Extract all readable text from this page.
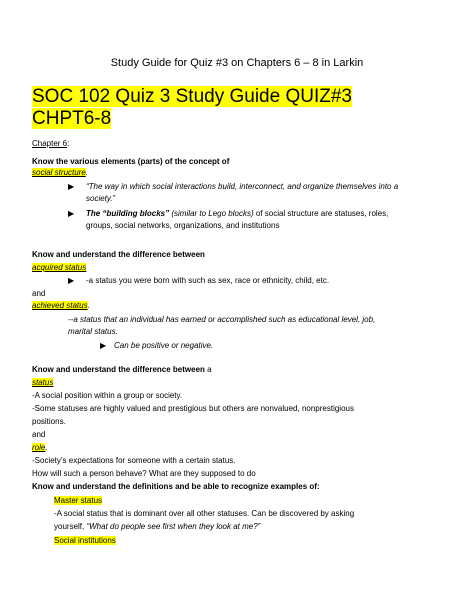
Study Guide for Quiz #3 on Chapters 6 – 8 in Larkin
SOC 102 Quiz 3 Study Guide QUIZ#3
CHPT6-8
Chapter 6:
Know the various elements (parts) of the concept of
social structure.
▶ “The way in which social interactions build, interconnect, and organize themselves into a
society.”
▶ The “building blocks” (similar to Lego blocks) of social structure are statuses, roles,
groups, social networks, organizations, and institutions
Know and understand the difference between
acquired status
▶ -a status you were born with such as sex, race or ethnicity, child, etc.
and
achieved status.
--a status that an individual has earned or accomplished such as educational level, job,
marital status.
▶ Can be positive or negative.
Know and understand the difference between a
status
-A social position within a group or society.
-Some statuses are highly valued and prestigious but others are nonvalued, nonprestigious
positions.
and
role.
-Society’s expectations for someone with a certain status.
How will such a person behave? What are they supposed to do
Know and understand the definitions and be able to recognize examples of:
Master status
-A social status that is dominant over all other statuses. Can be discovered by asking
yourself, “What do people see first when they look at me?”
Social institutions
